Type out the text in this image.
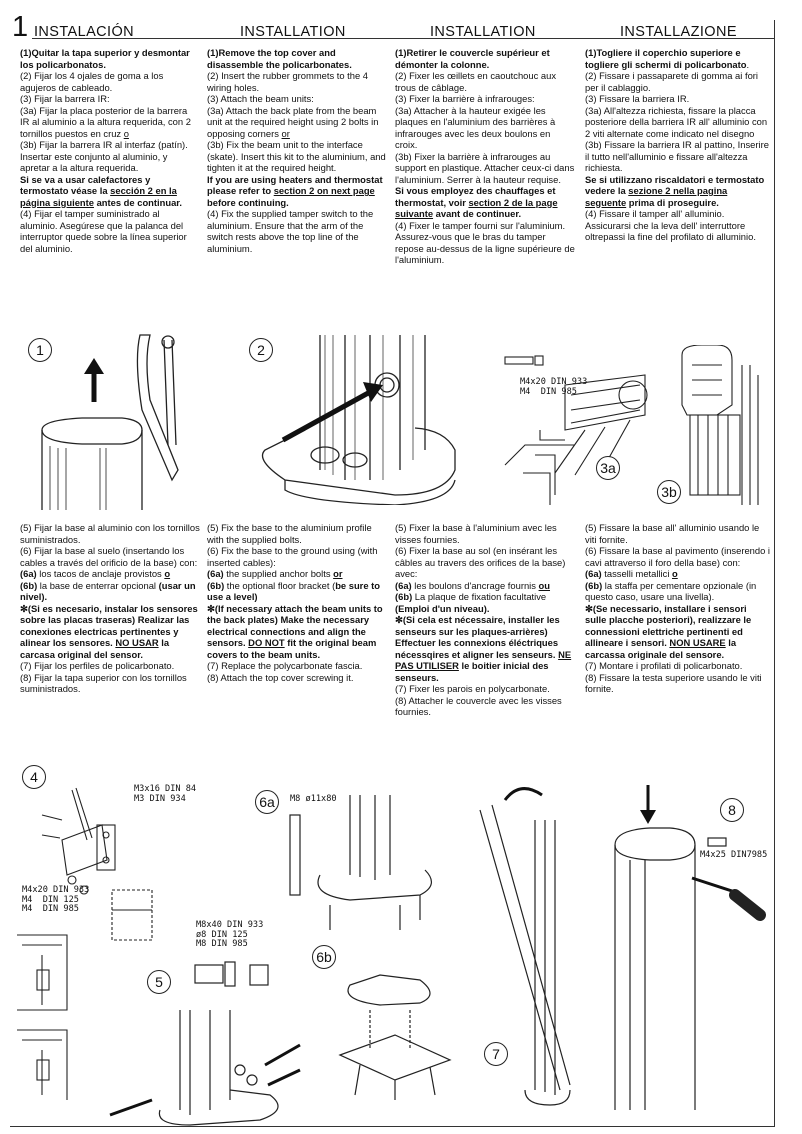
1 INSTALACIÓN	INSTALLATION	INSTALLATION	INSTALLAZIONE

(1)Quitar la tapa superior y desmontar los policarbonatos.

(2) Fijar los 4 ojales de goma a los agujeros de cableado.

(3) Fijar la barrera IR:

(3a) Fijar la placa posterior de la barrera IR al aluminio a la altura requerida, con 2 tornillos puestos en cruz o

(3b) Fijar la barrera IR al interfaz (patín). Insertar este conjunto al aluminio, y apretar a la altura requerida.

Si se va a usar calefactores y termostato véase la sección 2 en la página siguiente antes de continuar.

(4) Fijar el tamper suministrado al aluminio. Asegúrese que la palanca del interruptor quede sobre la línea superior del aluminio.

(1)Remove the top cover and disassemble the policarbonates.

(2) Insert the rubber grommets to the 4 wiring holes.

(3) Attach the beam units:

(3a) Attach the back plate from the beam unit at the required height using 2 bolts in opposing corners or

(3b) Fix the beam unit to the interface (skate). Insert this kit to the aluminium, and tighten it at the required height.

If you are using heaters and thermostat please refer to section 2 on next page before continuing.

(4) Fix the supplied tamper switch to the aluminium. Ensure that the arm of the switch rests above the top line of the aluminium.

(1)Retirer le couvercle supérieur et démonter la colonne.

(2) Fixer les œillets en caoutchouc aux trous de câblage.

(3) Fixer la barrière à infrarouges:

(3a) Attacher à la hauteur exigée les plaques en l'aluminium des barrières à infrarouges avec les deux boulons en croix.

(3b) Fixer la barrière à infrarouges au support en plastique. Attacher ceux-ci dans l'aluminium. Serrer à la hauteur requise.

Si vous employez des chauffages et thermostat, voir section 2 de la page suivante avant de continuer.

(4) Fixer le tamper fourni sur l'aluminium. Assurez-vous que le bras du tamper repose au-dessus de la ligne supérieure de l'aluminium.

(1)Togliere il coperchio superiore e togliere gli schermi di policarbonato.

(2) Fissare i passaparete di gomma ai fori per il cablaggio.

(3) Fissare la barriera IR.

(3a) All'altezza richiesta, fissare la placca posteriore della barriera IR all' alluminio con 2 viti alternate come indicato nel disegno

(3b) Fissare la barriera IR al pattino, Inserire il tutto nell'alluminio e fissare all'altezza richiesta.

Se si utilizzano riscaldatori e termostato vedere la sezione 2 nella pagina seguente prima di proseguire.

(4) Fissare il tamper all' alluminio. Assicurarsi che la leva dell' interruttore oltrepassi la fine del profilato di alluminio.

(5) Fijar la base al aluminio con los tornillos suministrados.

(6) Fijar la base al suelo (insertando los cables a través del orificio de la base) con:

(6a) los tacos de anclaje provistos o

(6b) la base de enterrar opcional (usar un nivel).

✻(Si es necesario, instalar los sensores sobre las placas traseras) Realizar las conexiones electricas pertinentes y alinear los sensores. NO USAR la carcasa original del sensor.

(7) Fijar los perfiles de policarbonato.

(8) Fijar la tapa superior con los tornillos suministrados.

(5) Fix the base to the aluminium profile with the supplied bolts.

(6) Fix the base to the ground using (with inserted cables):

(6a) the supplied anchor bolts or

(6b) the optional floor bracket (be sure to use a level)

✻(If necessary attach the beam units to the back plates) Make the necessary electrical connections and align the sensors. DO NOT fit the original beam covers to the beam units.

(7) Replace the polycarbonate fascia.

(8) Attach the top cover screwing it.

(5) Fixer la base à l'aluminium avec les visses fournies.

(6) Fixer la base au sol (en insérant les câbles au travers des orifices de la base) avec:

(6a) les boulons d'ancrage fournis ou

(6b) La plaque de fixation facultative (Emploi d'un niveau).

✻(Si cela est nécessaire, installer les senseurs sur les plaques-arrières) Effectuer les connexions éléctriques nécessqires et aligner les senseurs. NE PAS UTILISER le boitier inicial des senseurs.

(7) Fixer les parois en polycarbonate.

(8) Attacher le couvercle avec les visses fournies.

(5) Fissare la base all' alluminio usando le viti fornite.

(6) Fissare la base al pavimento (inserendo i cavi attraverso il foro della base) con:

(6a) tasselli metallici o

(6b) la staffa per cementare opzionale (in questo caso, usare una livella).

✻(Se necessario, installare i sensori sulle placche posteriori), realizzare le connessioni elettriche pertinenti ed allineare i sensori. NON USARE la carcassa originale del sensore.

(7) Montare i profilati di policarbonato.

(8) Fissare la testa superiore usando le viti fornite.

1	2
M4x20 DIN 933
M4  DIN 985
3a
3b
4
M3x16 DIN 84
M3 DIN 934
M4x20 DIN 933
M4  DIN 125
M4  DIN 985
M8x40 DIN 933
ø8 DIN 125
M8 DIN 985
5
6a	M8 ø11x80
6b
7
8
M4x25 DIN7985
